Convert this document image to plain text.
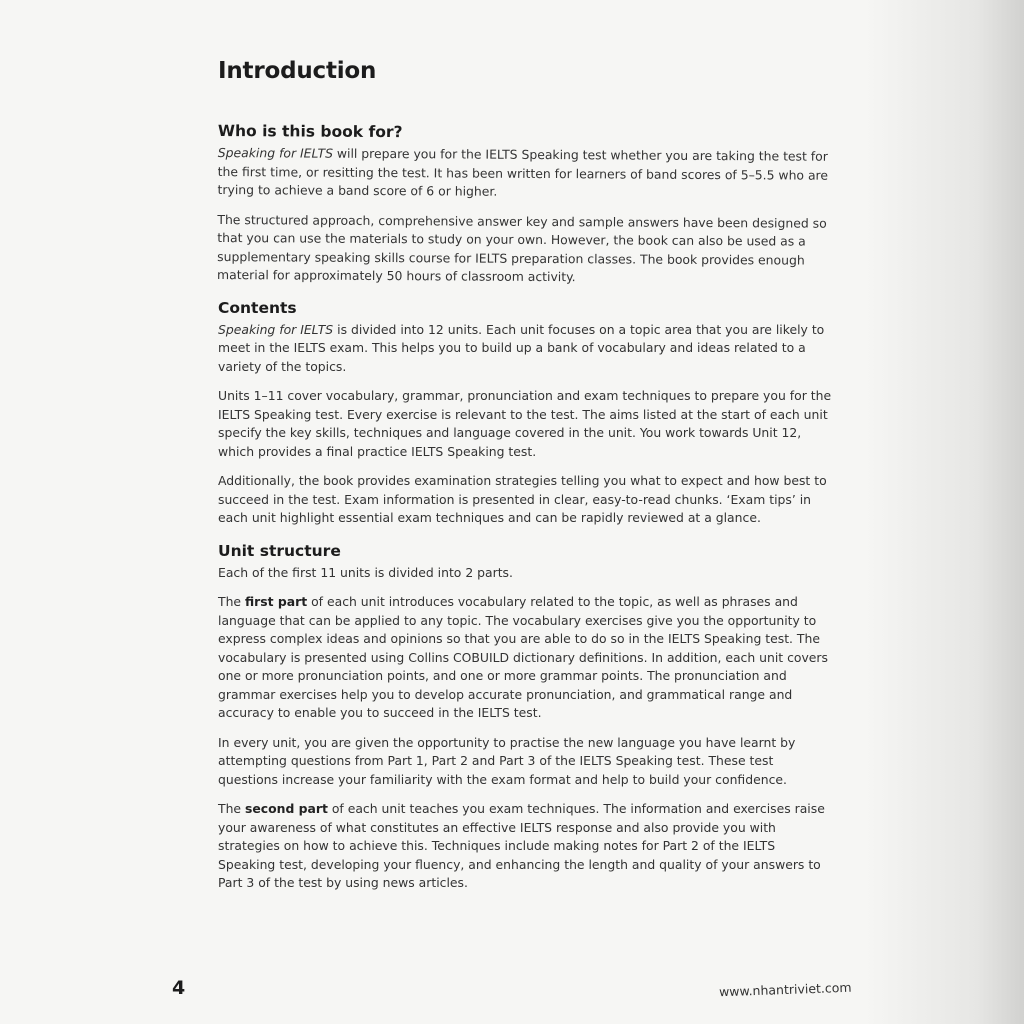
Introduction
Who is this book for?

Speaking for IELTS will prepare you for the IELTS Speaking test whether you are taking the test for the first time, or resitting the test. It has been written for learners of band scores of 5–5.5 who are trying to achieve a band score of 6 or higher.

The structured approach, comprehensive answer key and sample answers have been designed so that you can use the materials to study on your own. However, the book can also be used as a supplementary speaking skills course for IELTS preparation classes. The book provides enough material for approximately 50 hours of classroom activity.

Contents

Speaking for IELTS is divided into 12 units. Each unit focuses on a topic area that you are likely to meet in the IELTS exam. This helps you to build up a bank of vocabulary and ideas related to a variety of the topics.

Units 1–11 cover vocabulary, grammar, pronunciation and exam techniques to prepare you for the IELTS Speaking test. Every exercise is relevant to the test. The aims listed at the start of each unit specify the key skills, techniques and language covered in the unit. You work towards Unit 12, which provides a final practice IELTS Speaking test.

Additionally, the book provides examination strategies telling you what to expect and how best to succeed in the test. Exam information is presented in clear, easy-to-read chunks. ‘Exam tips’ in each unit highlight essential exam techniques and can be rapidly reviewed at a glance.

Unit structure

Each of the first 11 units is divided into 2 parts.

The first part of each unit introduces vocabulary related to the topic, as well as phrases and language that can be applied to any topic. The vocabulary exercises give you the opportunity to express complex ideas and opinions so that you are able to do so in the IELTS Speaking test. The vocabulary is presented using Collins COBUILD dictionary definitions. In addition, each unit covers one or more pronunciation points, and one or more grammar points. The pronunciation and grammar exercises help you to develop accurate pronunciation, and grammatical range and accuracy to enable you to succeed in the IELTS test.

In every unit, you are given the opportunity to practise the new language you have learnt by attempting questions from Part 1, Part 2 and Part 3 of the IELTS Speaking test. These test questions increase your familiarity with the exam format and help to build your confidence.

The second part of each unit teaches you exam techniques. The information and exercises raise your awareness of what constitutes an effective IELTS response and also provide you with strategies on how to achieve this. Techniques include making notes for Part 2 of the IELTS Speaking test, developing your fluency, and enhancing the length and quality of your answers to Part 3 of the test by using news articles.

4	www.nhantriviet.com
